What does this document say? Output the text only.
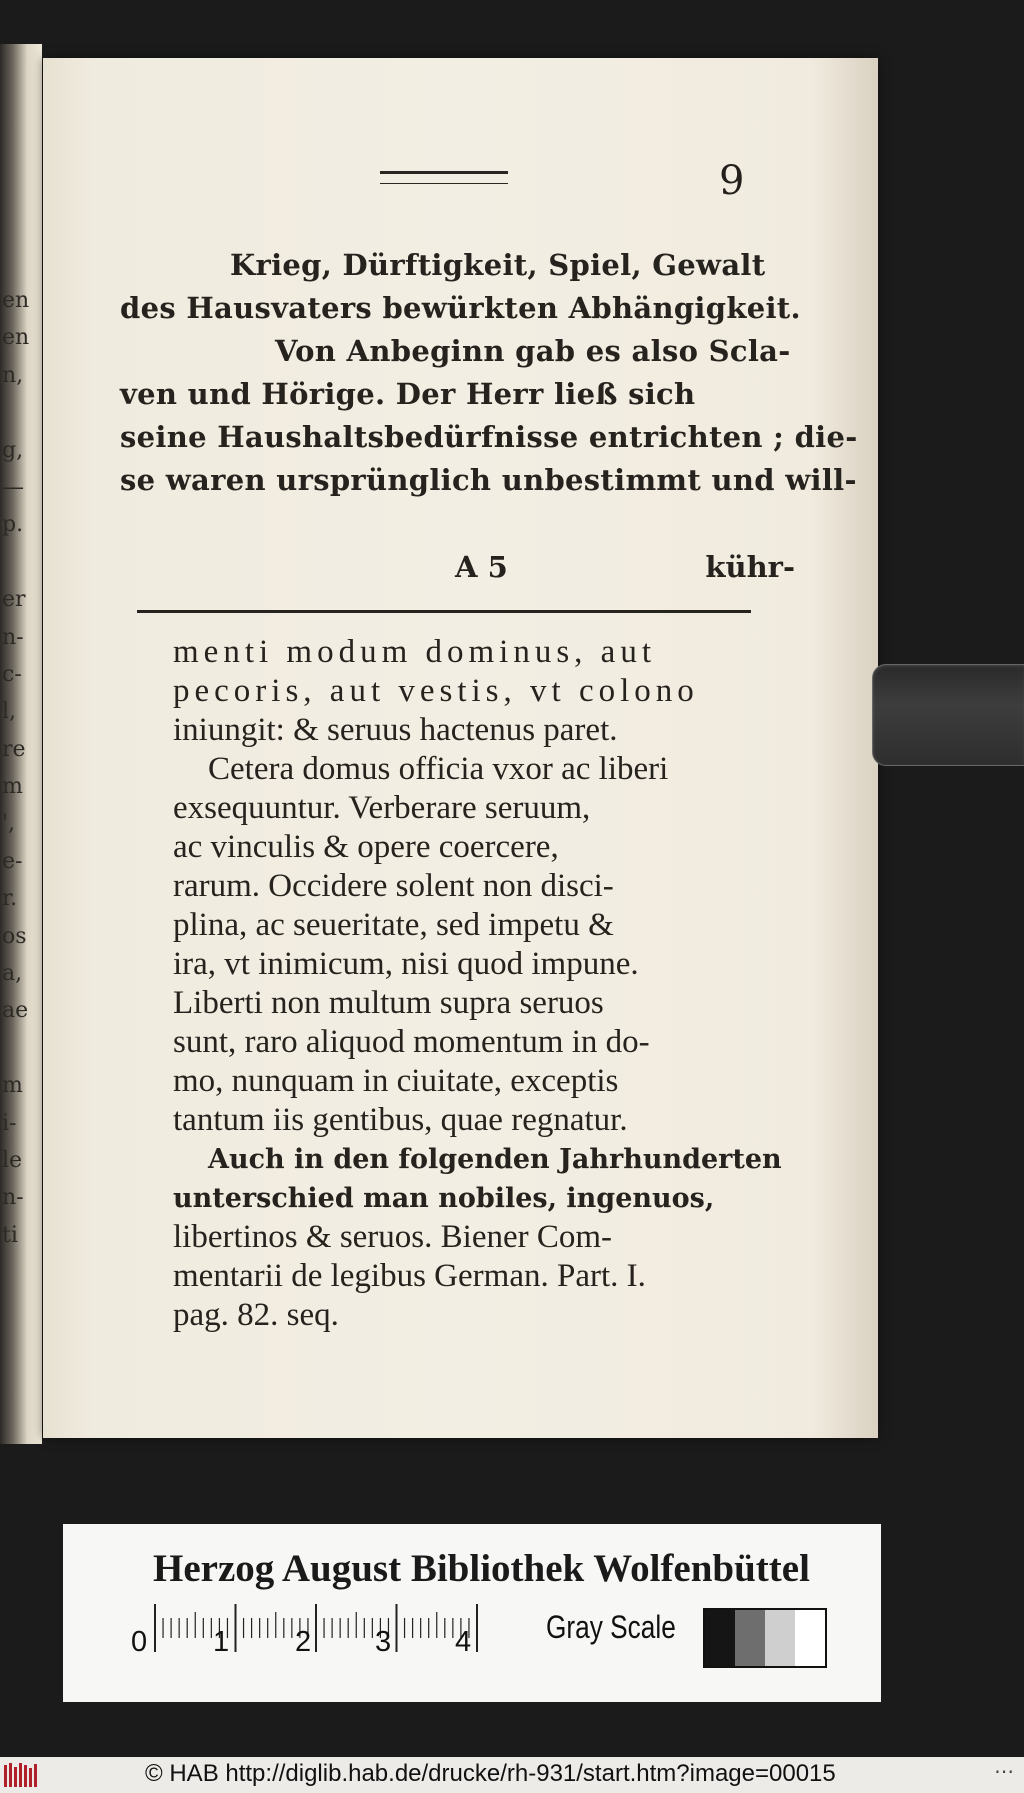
en
en
n,

g,
—
p.

er
n-
c-
l,
re
m
',
e-
r.
os
a,
ae

m
i-
le
n-
ti
9
Krieg, Dürftigkeit, Spiel, Gewalt
des Hausvaters bewürkten Abhängigkeit.
Von Anbeginn gab es also Scla-
ven und Hörige. Der Herr ließ sich
seine Haushaltsbedürfnisse entrichten ; die-
se waren ursprünglich unbestimmt und will-
A 5	kühr-
menti modum dominus, aut
pecoris, aut vestis, vt colono
iniungit: & seruus hactenus paret.
Cetera domus officia vxor ac liberi
exsequuntur. Verberare seruum,
ac vinculis & opere coercere,
rarum. Occidere solent non disci-
plina, ac seueritate, sed impetu &
ira, vt inimicum, nisi quod impune.
Liberti non multum supra seruos
sunt, raro aliquod momentum in do-
mo, nunquam in ciuitate, exceptis
tantum iis gentibus, quae regnatur.
Auch in den folgenden Jahrhunderten
unterschied man nobiles, ingenuos,
libertinos & seruos. Biener Com-
mentarii de legibus German. Part. I.
pag. 82. seq.
Herzog August Bibliothek Wolfenbüttel
0 1 2 3 4 Gray Scale
© HAB http://diglib.hab.de/drucke/rh-931/start.htm?image=00015	⋯
